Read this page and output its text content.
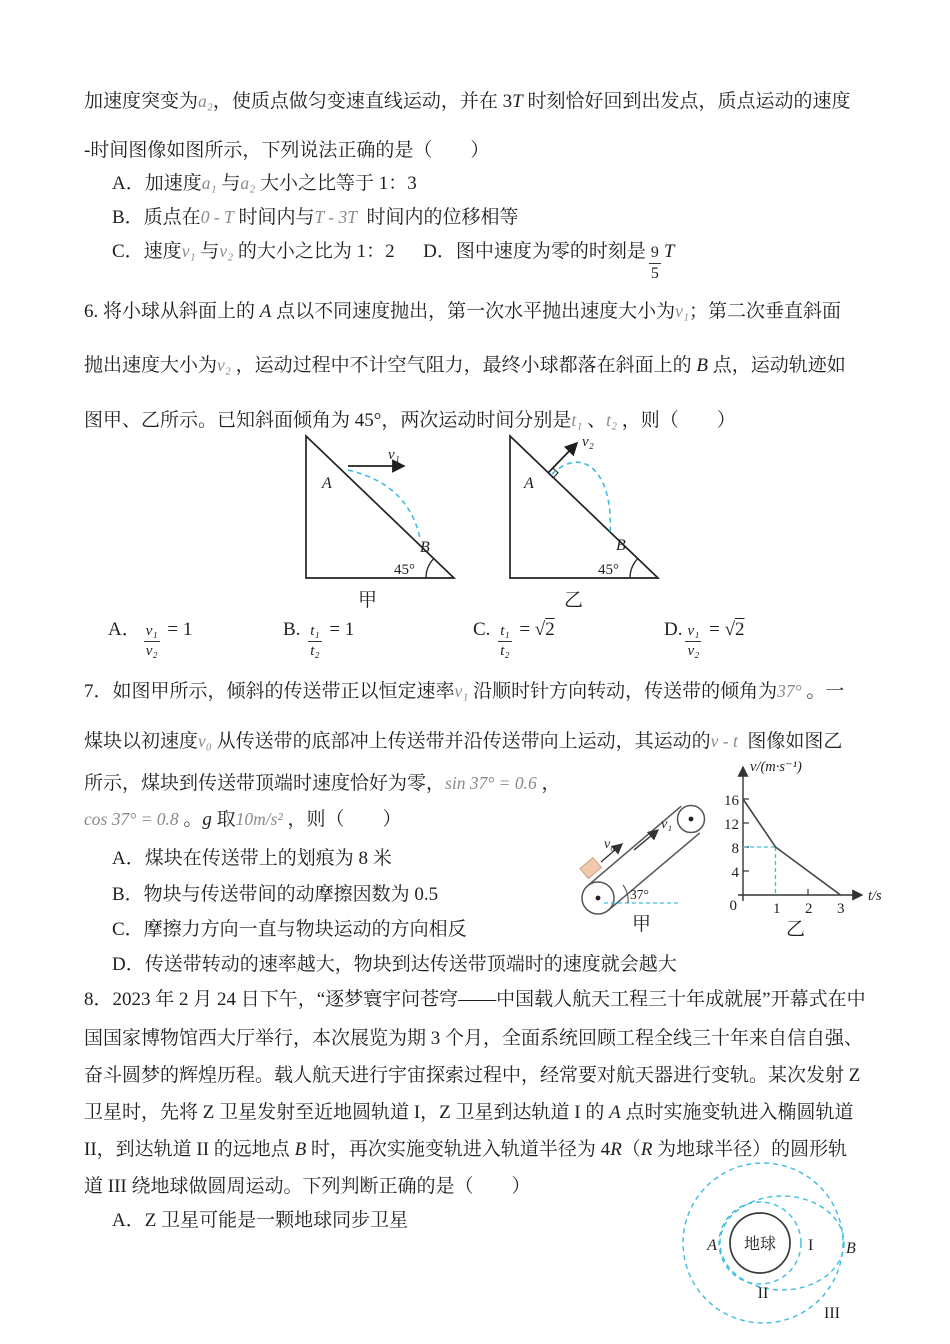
加速度突变为a₂，使质点做匀变速直线运动，并在 3T 时刻恰好回到出发点，质点运动的速度
-时间图像如图所示，下列说法正确的是（　　）
A．加速度a₁ 与a₂ 大小之比等于 1：3
B．质点在0 - T 时间内与T - 3T  时间内的位移相等
C．速度v₁ 与v₂ 的大小之比为 1：2　  D．图中速度为零的时刻是 $\frac{9}{5}$ T
6. 将小球从斜面上的 A 点以不同速度抛出，第一次水平抛出速度大小为v₁；第二次垂直斜面
抛出速度大小为v₂ ，运动过程中不计空气阻力，最终小球都落在斜面上的 B 点，运动轨迹如
图甲、乙所示。已知斜面倾角为 45°，两次运动时间分别是t₁ 、t₂ ，则（　　）
A
v₁
B
45°
甲
A
v₂
B
45°
乙
A． $\frac{\text{v₁}}{\text{v₂}} = 1$	B. $\frac{\text{t₁}}{\text{t₂}} = 1$	C. $\frac{\text{t₁}}{\text{t₂}} = √2$	D. $\frac{\text{v₁}}{\text{v₂}} = √2$
7．如图甲所示，倾斜的传送带正以恒定速率v₁ 沿顺时针方向转动，传送带的倾角为37° 。一
煤块以初速度v₀ 从传送带的底部冲上传送带并沿传送带向上运动，其运动的v - t  图像如图乙
所示，煤块到传送带顶端时速度恰好为零，sin 37° = 0.6 ，
cos 37° = 0.8 。g 取10m/s² ，则（　　）
A．煤块在传送带上的划痕为 8 米
B．物块与传送带间的动摩擦因数为 0.5
C．摩擦力方向一直与物块运动的方向相反
D．传送带转动的速率越大，物块到达传送带顶端时的速度就会越大
v₀
v₁
37°
甲
v/(m·s⁻¹)
t/s
16
12
8
4
0 1 2 3
乙
8．2023 年 2 月 24 日下午，“逐梦寰宇问苍穹——中国载人航天工程三十年成就展”开幕式在中
国国家博物馆西大厅举行，本次展览为期 3 个月，全面系统回顾工程全线三十年来自信自强、
奋斗圆梦的辉煌历程。载人航天进行宇宙探索过程中，经常要对航天器进行变轨。某次发射 Z
卫星时，先将 Z 卫星发射至近地圆轨道 I，Z 卫星到达轨道 I 的 A 点时实施变轨进入椭圆轨道
II，到达轨道 II 的远地点 B 时，再次实施变轨进入轨道半径为 4R（R 为地球半径）的圆形轨
道 III 绕地球做圆周运动。下列判断正确的是（　　）
A．Z 卫星可能是一颗地球同步卫星
地球
A	I B
II
III
